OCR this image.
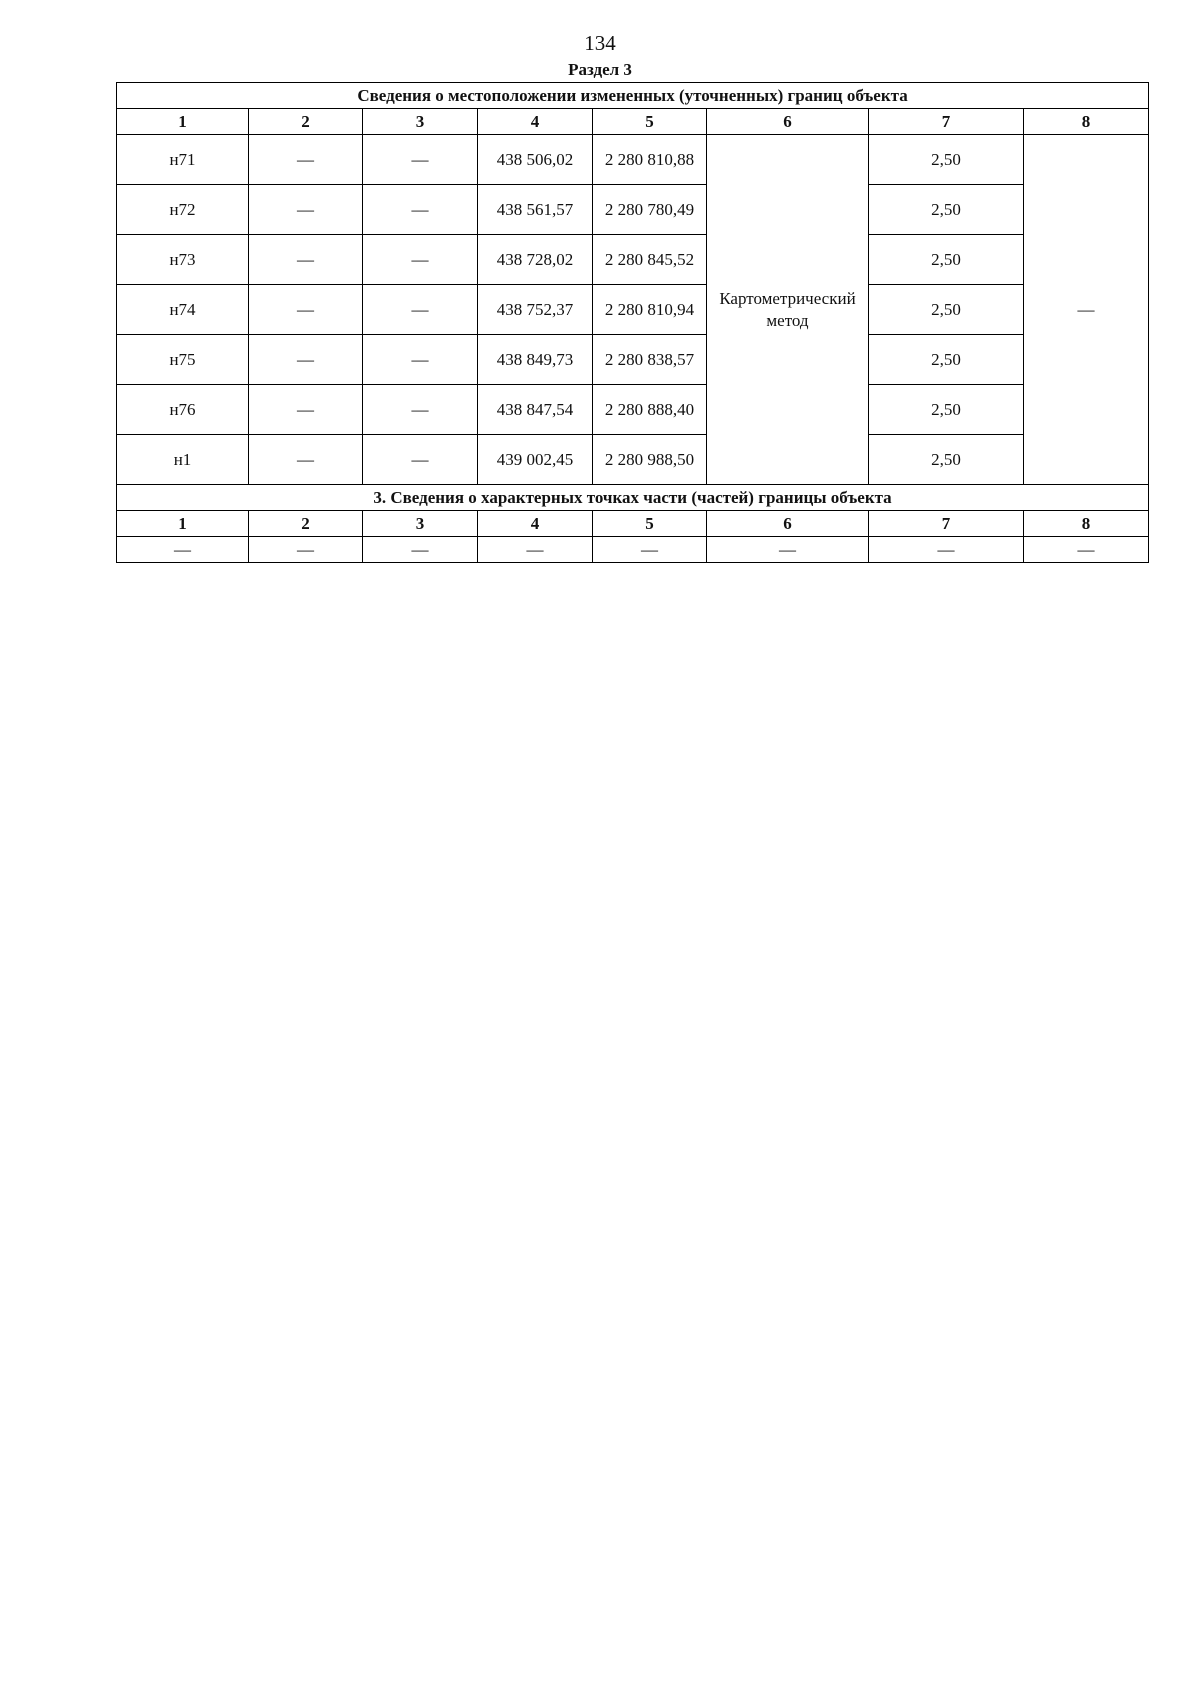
134
Раздел 3
Сведения о местоположении измененных (уточненных) границ объекта							
1	2	3	4	5	6	7	8
н71	—	—	438 506,02	2 280 810,88	Картометрический метод	2,50	—
н72	—	—	438 561,57	2 280 780,49		2,50	
н73	—	—	438 728,02	2 280 845,52		2,50	
н74	—	—	438 752,37	2 280 810,94		2,50	
н75	—	—	438 849,73	2 280 838,57		2,50	
н76	—	—	438 847,54	2 280 888,40		2,50	
н1	—	—	439 002,45	2 280 988,50		2,50	
3. Сведения о характерных точках части (частей) границы объекта							
1	2	3	4	5	6	7	8
—	—	—	—	—	—	—	—
